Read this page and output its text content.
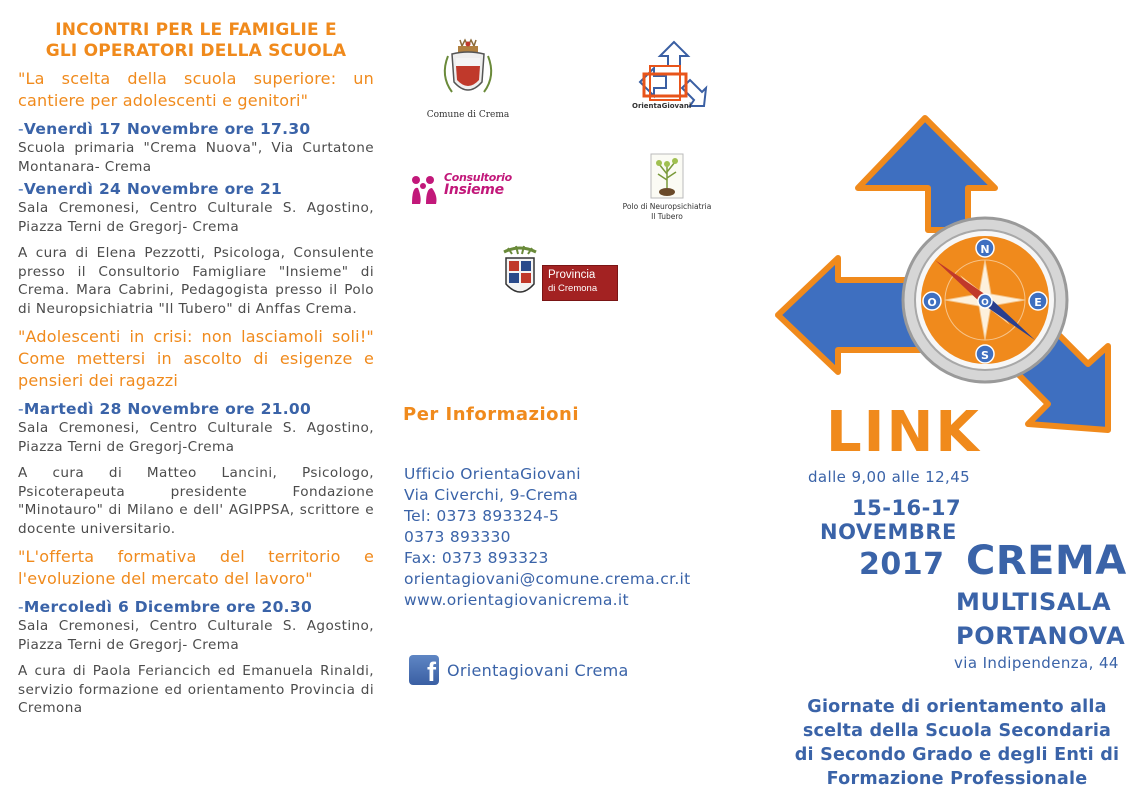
INCONTRI PER LE FAMIGLIE E
GLI OPERATORI DELLA SCUOLA
"La scelta della scuola superiore: un cantiere per adolescenti e genitori"

-Venerdì 17 Novembre ore 17.30

Scuola primaria "Crema Nuova", Via Curtatone Montanara- Crema

-Venerdì 24 Novembre ore 21

Sala Cremonesi, Centro Culturale S. Agostino, Piazza Terni de Gregorj- Crema

A cura di Elena Pezzotti, Psicologa, Consulente presso il Consultorio Famigliare "Insieme" di Crema. Mara Cabrini, Pedagogista presso il Polo di Neuropsichiatria "Il Tubero" di Anffas Crema.

"Adolescenti in crisi: non lasciamoli soli!" Come mettersi in ascolto di esigenze e pensieri dei ragazzi

-Martedì 28 Novembre ore 21.00

Sala Cremonesi, Centro Culturale S. Agostino, Piazza Terni de Gregorj-Crema

A cura di Matteo Lancini, Psicologo, Psicoterapeuta presidente Fondazione "Minotauro" di Milano e dell' AGIPPSA, scrittore e docente universitario.

"L'offerta formativa del territorio e l'evoluzione del mercato del lavoro"

-Mercoledì 6 Dicembre ore 20.30

Sala Cremonesi, Centro Culturale S. Agostino, Piazza Terni de Gregorj- Crema

A cura di Paola Feriancich ed Emanuela Rinaldi, servizio formazione ed orientamento Provincia di Cremona

Comune di Crema
OrientaGiovani
Consultorio
Insieme
Polo di Neuropsichiatria
Il Tubero
Provincia
di Cremona
Per Informazioni

Ufficio OrientaGiovani

Via Civerchi, 9-Crema

Tel: 0373 893324-5

0373 893330

Fax: 0373 893323

orientagiovani@comune.crema.cr.it

www.orientagiovanicrema.it

f Orientagiovani Crema
N
S
E
O	O
LINK
dalle 9,00 alle 12,45
15-16-17
NOVEMBRE
2017 CREMA
MULTISALA
PORTANOVA
via Indipendenza, 44
Giornate di orientamento alla
scelta della Scuola Secondaria
di Secondo Grado e degli Enti di
Formazione Professionale
